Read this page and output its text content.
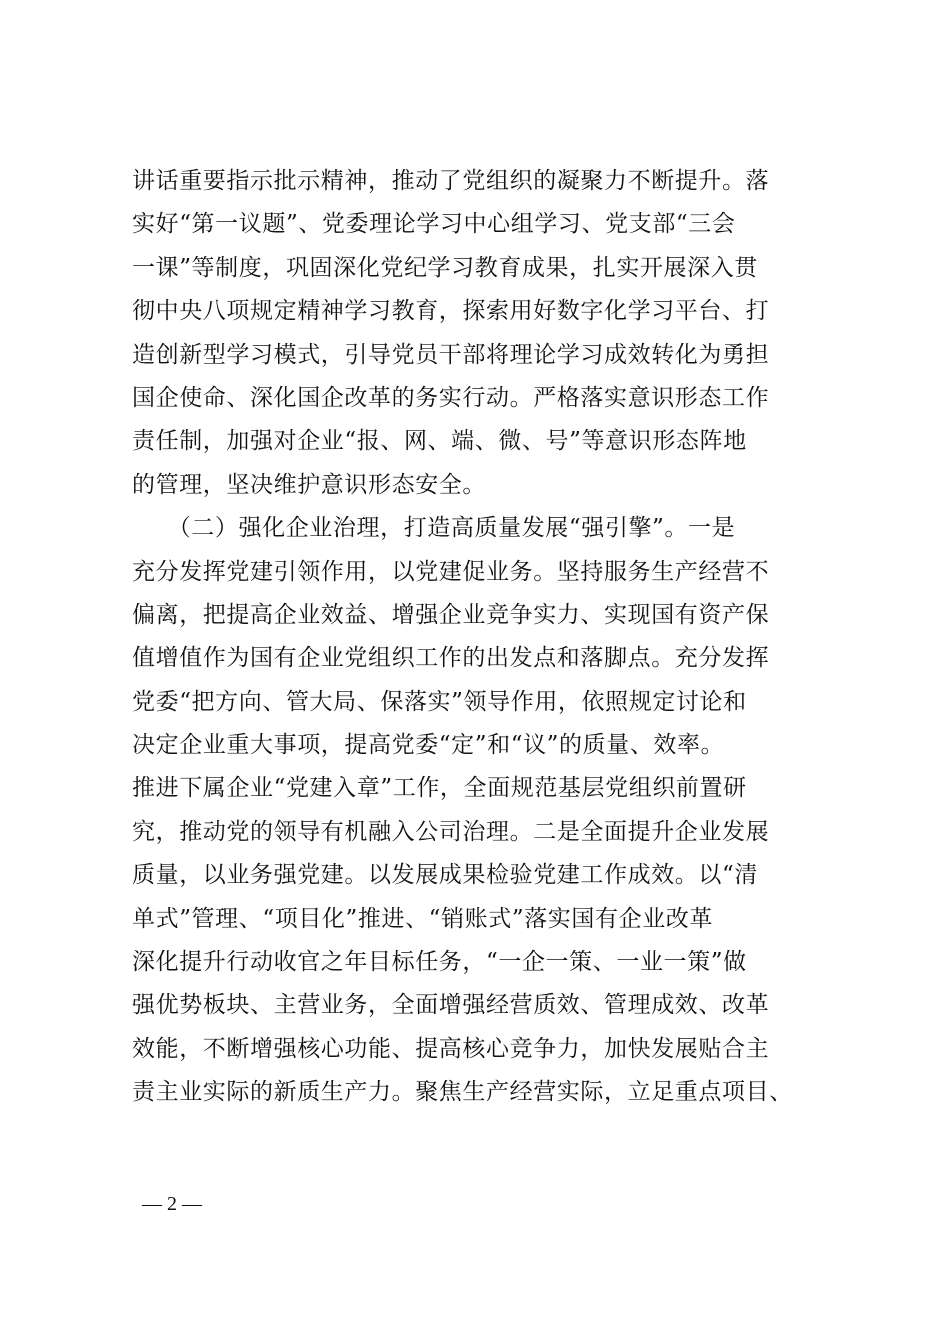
讲话重要指示批示精神，推动了党组织的凝聚力不断提升。落
实好“第一议题”、党委理论学习中心组学习、党支部“三会
一课”等制度，巩固深化党纪学习教育成果，扎实开展深入贯
彻中央八项规定精神学习教育，探索用好数字化学习平台、打
造创新型学习模式，引导党员干部将理论学习成效转化为勇担
国企使命、深化国企改革的务实行动。严格落实意识形态工作
责任制，加强对企业“报、网、端、微、号”等意识形态阵地
的管理，坚决维护意识形态安全。
　　（二）强化企业治理，打造高质量发展“强引擎”。一是
充分发挥党建引领作用，以党建促业务。坚持服务生产经营不
偏离，把提高企业效益、增强企业竞争实力、实现国有资产保
值增值作为国有企业党组织工作的出发点和落脚点。充分发挥
党委“把方向、管大局、保落实”领导作用，依照规定讨论和
决定企业重大事项，提高党委“定”和“议”的质量、效率。
推进下属企业“党建入章”工作，全面规范基层党组织前置研
究，推动党的领导有机融入公司治理。二是全面提升企业发展
质量，以业务强党建。以发展成果检验党建工作成效。以“清
单式”管理、“项目化”推进、“销账式”落实国有企业改革
深化提升行动收官之年目标任务，“一企一策、一业一策”做
强优势板块、主营业务，全面增强经营质效、管理成效、改革
效能，不断增强核心功能、提高核心竞争力，加快发展贴合主
责主业实际的新质生产力。聚焦生产经营实际，立足重点项目、
— 2 —
